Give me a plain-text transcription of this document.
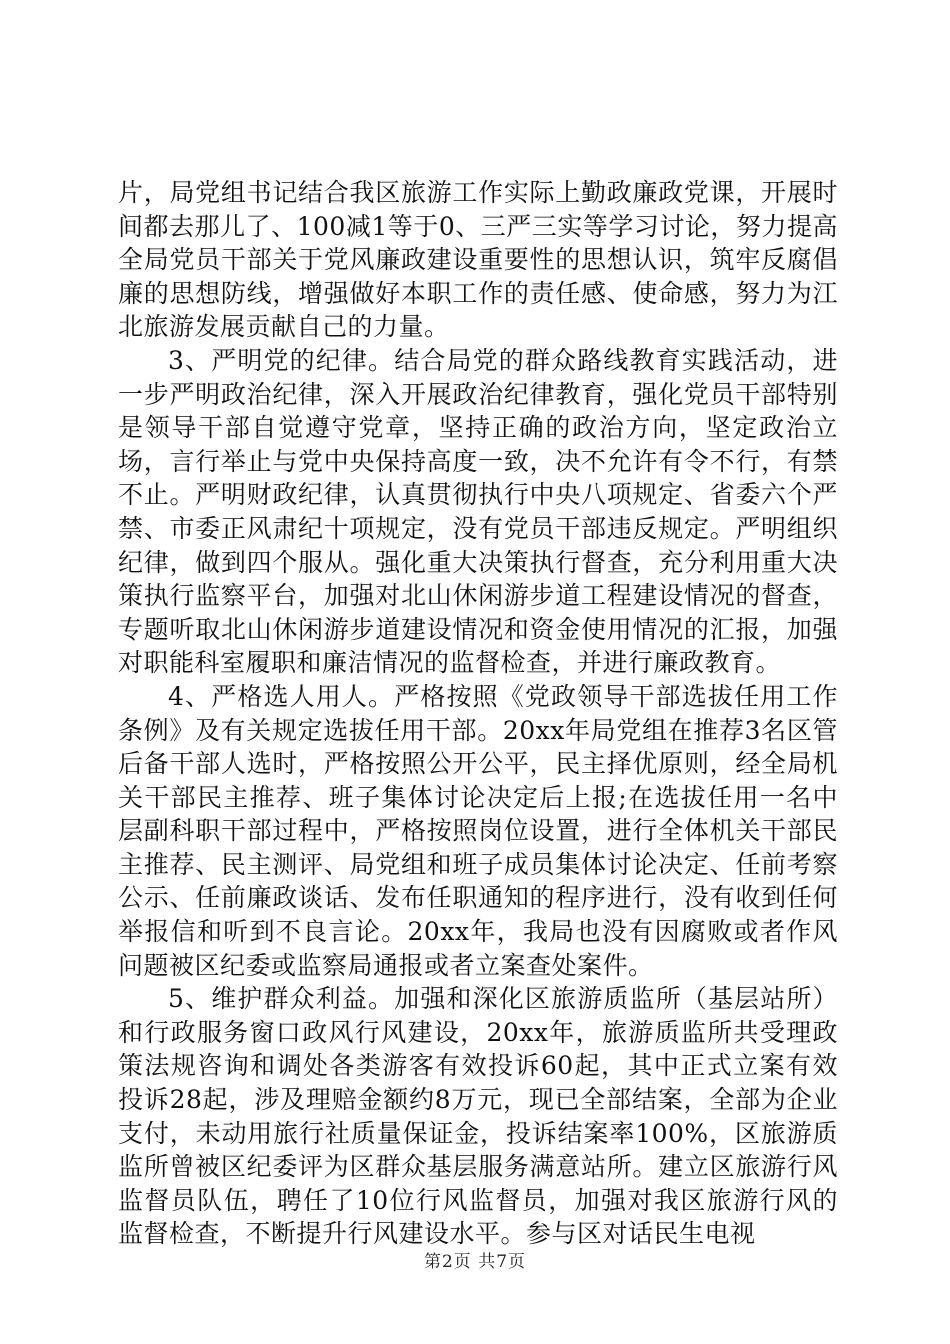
片，局党组书记结合我区旅游工作实际上勤政廉政党课，开展时间都去那儿了、100减1等于0、三严三实等学习讨论，努力提高全局党员干部关于党风廉政建设重要性的思想认识，筑牢反腐倡廉的思想防线，增强做好本职工作的责任感、使命感，努力为江北旅游发展贡献自己的力量。

3、严明党的纪律。结合局党的群众路线教育实践活动，进一步严明政治纪律，深入开展政治纪律教育，强化党员干部特别是领导干部自觉遵守党章，坚持正确的政治方向，坚定政治立场，言行举止与党中央保持高度一致，决不允许有令不行，有禁不止。严明财政纪律，认真贯彻执行中央八项规定、省委六个严禁、市委正风肃纪十项规定，没有党员干部违反规定。严明组织纪律，做到四个服从。强化重大决策执行督查，充分利用重大决策执行监察平台，加强对北山休闲游步道工程建设情况的督查，专题听取北山休闲游步道建设情况和资金使用情况的汇报，加强对职能科室履职和廉洁情况的监督检查，并进行廉政教育。

4、严格选人用人。严格按照《党政领导干部选拔任用工作条例》及有关规定选拔任用干部。20xx年局党组在推荐3名区管后备干部人选时，严格按照公开公平，民主择优原则，经全局机关干部民主推荐、班子集体讨论决定后上报;在选拔任用一名中层副科职干部过程中，严格按照岗位设置，进行全体机关干部民主推荐、民主测评、局党组和班子成员集体讨论决定、任前考察公示、任前廉政谈话、发布任职通知的程序进行，没有收到任何举报信和听到不良言论。20xx年，我局也没有因腐败或者作风问题被区纪委或监察局通报或者立案查处案件。

5、维护群众利益。加强和深化区旅游质监所（基层站所）和行政服务窗口政风行风建设，20xx年，旅游质监所共受理政策法规咨询和调处各类游客有效投诉60起，其中正式立案有效投诉28起，涉及理赔金额约8万元，现已全部结案，全部为企业支付，未动用旅行社质量保证金，投诉结案率100%，区旅游质监所曾被区纪委评为区群众基层服务满意站所。建立区旅游行风监督员队伍，聘任了10位行风监督员，加强对我区旅游行风的监督检查，不断提升行风建设水平。参与区对话民生电视

第2页 共7页
